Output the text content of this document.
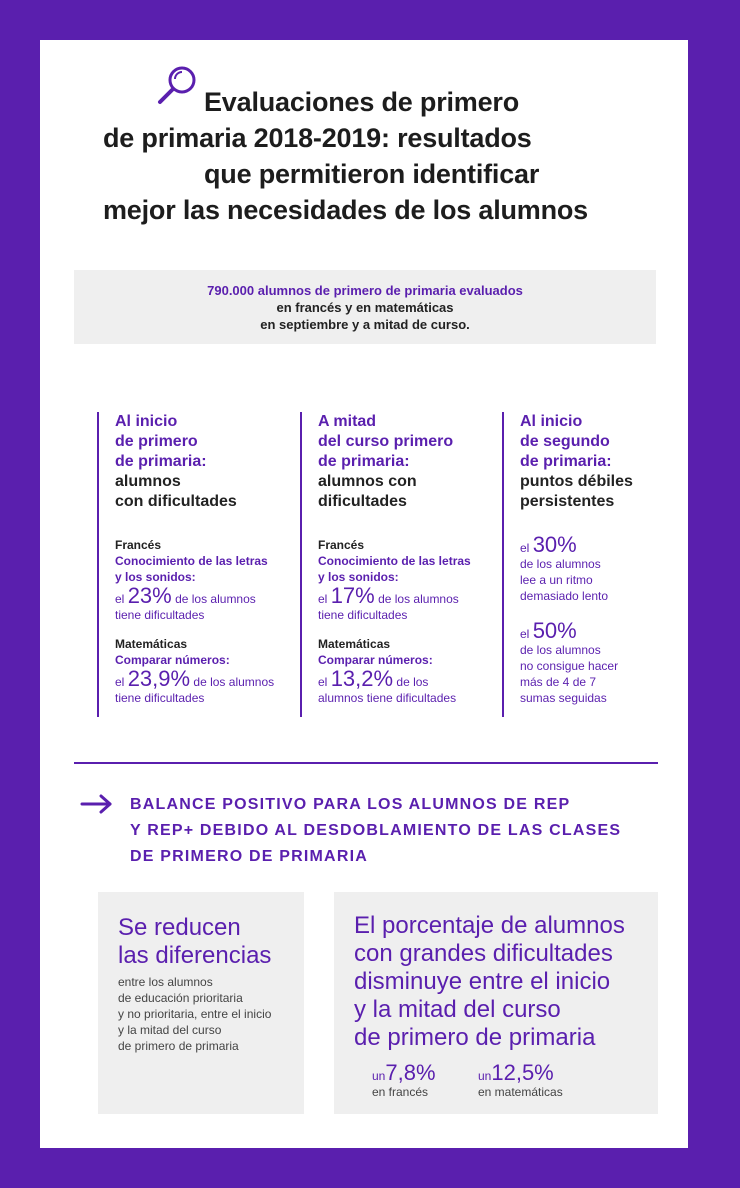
Evaluaciones de primero
de primaria 2018-2019: resultados
que permitieron identificar
mejor las necesidades de los alumnos
790.000 alumnos de primero de primaria evaluados
en francés y en matemáticas
en septiembre y a mitad de curso.
Al inicio
de primero
de primaria:
alumnos
con dificultades
Francés
Conocimiento de las letras
y los sonidos:
el 23% de los alumnos
tiene dificultades
Matemáticas
Comparar números:
el 23,9% de los alumnos
tiene dificultades
A mitad
del curso primero
de primaria:
alumnos con
dificultades
Francés
Conocimiento de las letras
y los sonidos:
el 17% de los alumnos
tiene dificultades
Matemáticas
Comparar números:
el 13,2% de los
alumnos tiene dificultades
Al inicio
de segundo
de primaria:
puntos débiles
persistentes
el 30%
de los alumnos
lee a un ritmo
demasiado lento
el 50%
de los alumnos
no consigue hacer
más de 4 de 7
sumas seguidas
BALANCE POSITIVO PARA LOS ALUMNOS DE REP
Y REP+ DEBIDO AL DESDOBLAMIENTO DE LAS CLASES
DE PRIMERO DE PRIMARIA
Se reducen
las diferencias
entre los alumnos
de educación prioritaria
y no prioritaria, entre el inicio
y la mitad del curso
de primero de primaria
El porcentaje de alumnos
con grandes dificultades
disminuye entre el inicio
y la mitad del curso
de primero de primaria
un7,8%
en francés
un12,5%
en matemáticas
